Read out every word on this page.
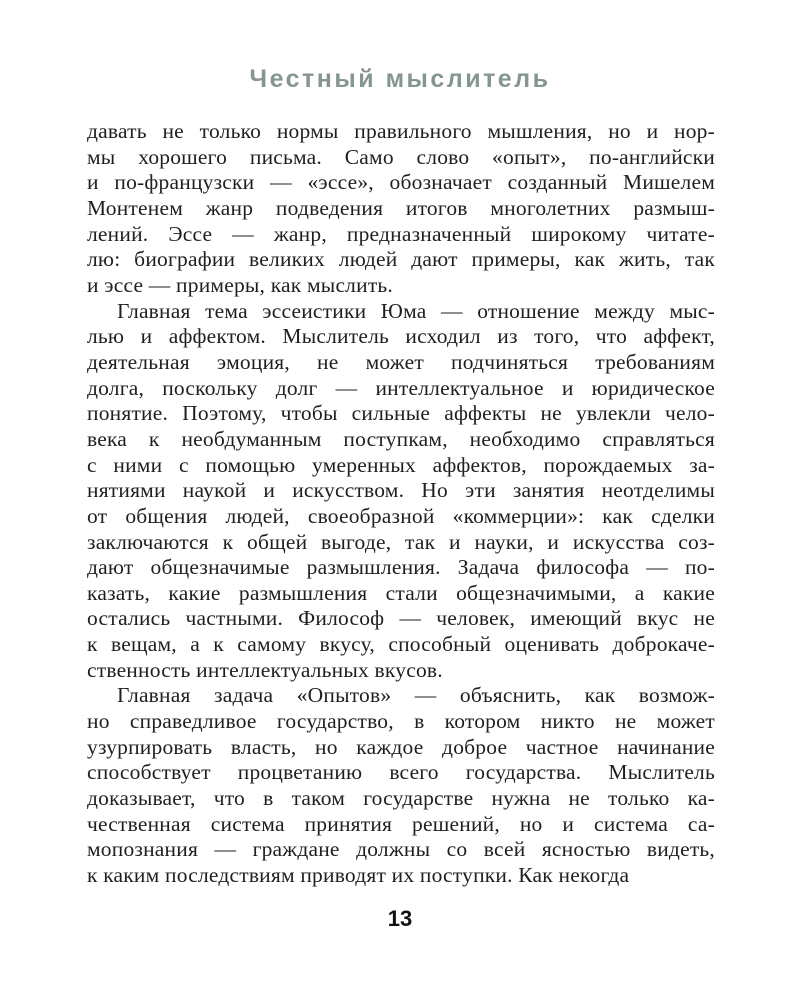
Честный мыслитель
давать не только нормы правильного мышления, но и нор-
мы хорошего письма. Само слово «опыт», по-английски
и по-французски — «эссе», обозначает созданный Мишелем
Монтенем жанр подведения итогов многолетних размыш-
лений. Эссе — жанр, предназначенный широкому читате-
лю: биографии великих людей дают примеры, как жить, так
и эссе — примеры, как мыслить.
Главная тема эссеистики Юма — отношение между мыс-
лью и аффектом. Мыслитель исходил из того, что аффект,
деятельная эмоция, не может подчиняться требованиям
долга, поскольку долг — интеллектуальное и юридическое
понятие. Поэтому, чтобы сильные аффекты не увлекли чело-
века к необдуманным поступкам, необходимо справляться
с ними с помощью умеренных аффектов, порождаемых за-
нятиями наукой и искусством. Но эти занятия неотделимы
от общения людей, своеобразной «коммерции»: как сделки
заключаются к общей выгоде, так и науки, и искусства соз-
дают общезначимые размышления. Задача философа — по-
казать, какие размышления стали общезначимыми, а какие
остались частными. Философ — человек, имеющий вкус не
к вещам, а к самому вкусу, способный оценивать доброкаче-
ственность интеллектуальных вкусов.
Главная задача «Опытов» — объяснить, как возмож-
но справедливое государство, в котором никто не может
узурпировать власть, но каждое доброе частное начинание
способствует процветанию всего государства. Мыслитель
доказывает, что в таком государстве нужна не только ка-
чественная система принятия решений, но и система са-
мопознания — граждане должны со всей ясностью видеть,
к каким последствиям приводят их поступки. Как некогда
13
